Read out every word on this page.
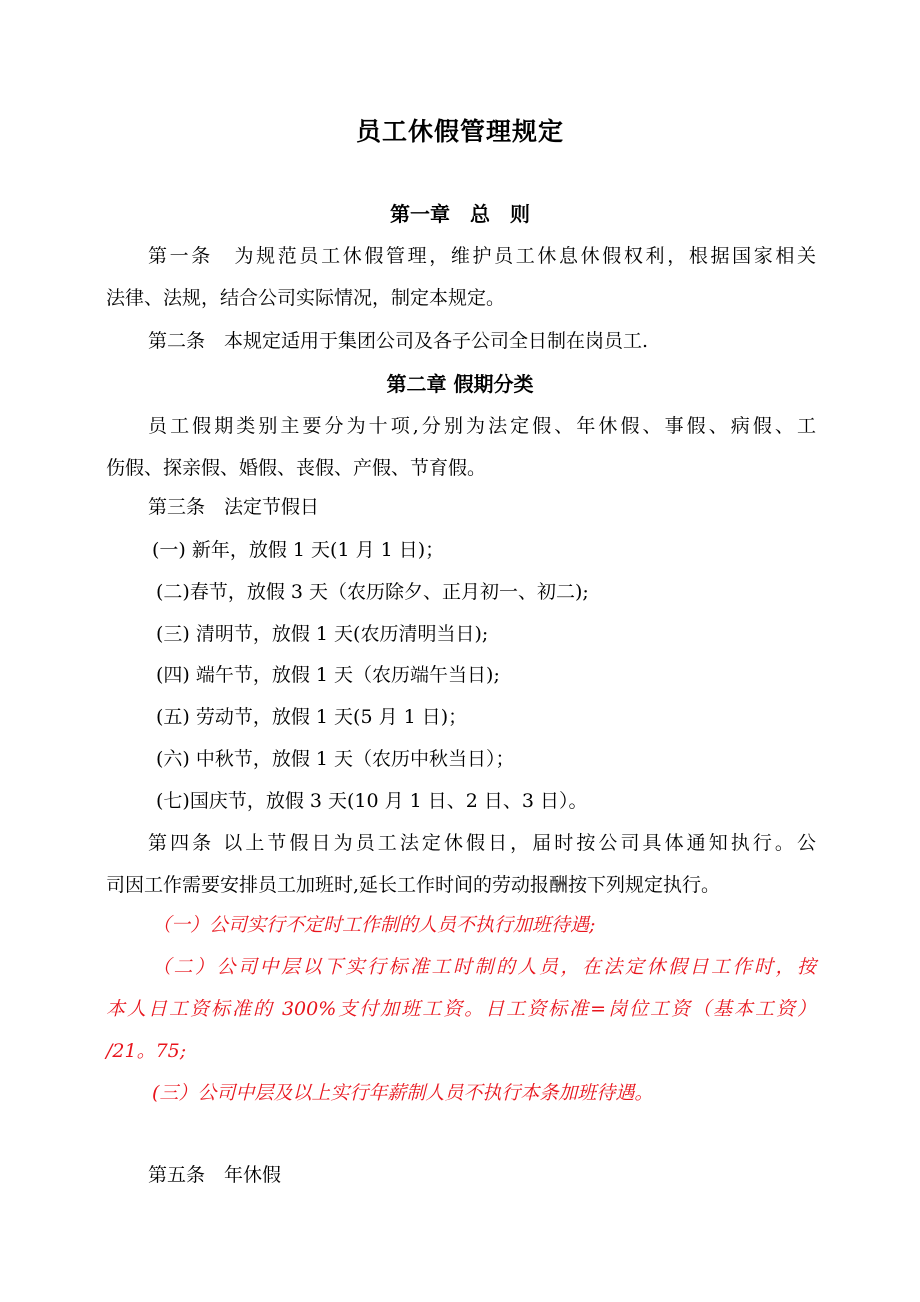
员工休假管理规定
第一章　总　则
第一条　为规范员工休假管理，维护员工休息休假权利，根据国家相关
法律、法规，结合公司实际情况，制定本规定。
第二条　本规定适用于集团公司及各子公司全日制在岗员工.
第二章 假期分类
员工假期类别主要分为十项,分别为法定假、年休假、事假、病假、工
伤假、探亲假、婚假、丧假、产假、节育假。
第三条　法定节假日
(一) 新年，放假 1 天(1 月 1 日)；
(二)春节，放假 3 天（农历除夕、正月初一、初二);
(三) 清明节，放假 1 天(农历清明当日);
(四) 端午节，放假 1 天（农历端午当日);
(五) 劳动节，放假 1 天(5 月 1 日)；
(六) 中秋节，放假 1 天（农历中秋当日）；
(七)国庆节，放假 3 天(10 月 1 日、2 日、3 日）。
第四条 以上节假日为员工法定休假日，届时按公司具体通知执行。公
司因工作需要安排员工加班时,延长工作时间的劳动报酬按下列规定执行。
（一）公司实行不定时工作制的人员不执行加班待遇;
（二）公司中层以下实行标准工时制的人员，在法定休假日工作时，按
本人日工资标准的 300%支付加班工资。日工资标准=岗位工资（基本工资）
/21。75;
(三）公司中层及以上实行年薪制人员不执行本条加班待遇。
第五条　年休假
